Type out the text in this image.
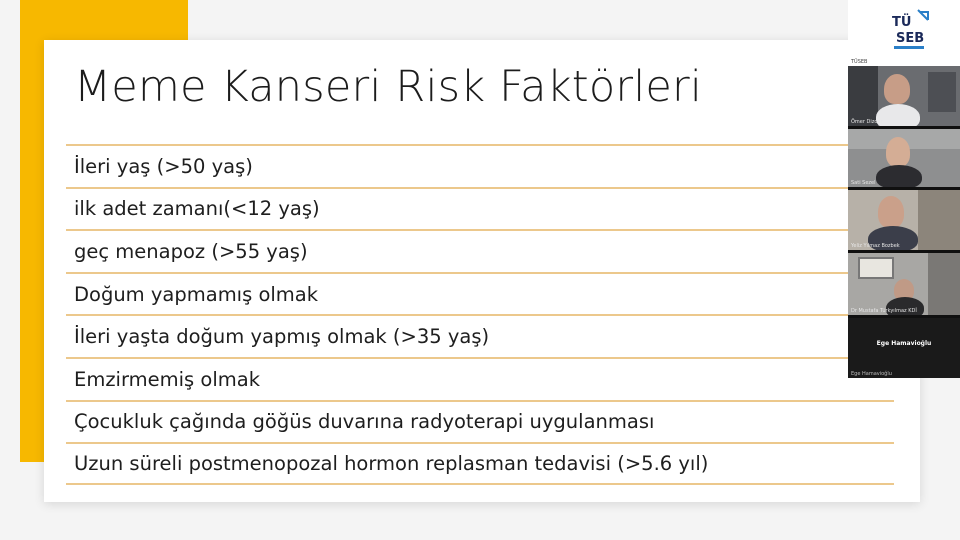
Meme Kanseri Risk Faktörleri
İleri yaş (>50 yaş)
ilk adet zamanı(<12 yaş)
geç menapoz (>55 yaş)
Doğum yapmamış olmak
İleri yaşta doğum yapmış olmak (>35 yaş)
Emzirmemiş olmak
Çocukluk çağında göğüs duvarına radyoterapi uygulanması
Uzun süreli postmenopozal hormon replasman tedavisi (>5.6 yıl)
TÜ
SEB
TÜSEB
Ömer Dizdar
Sati Sezel
Yeliz Yılmaz Bozbek
Dr Mustafa Türkyılmaz KDİ
Ege Hamavioğlu
Ege Hamavioğlu
